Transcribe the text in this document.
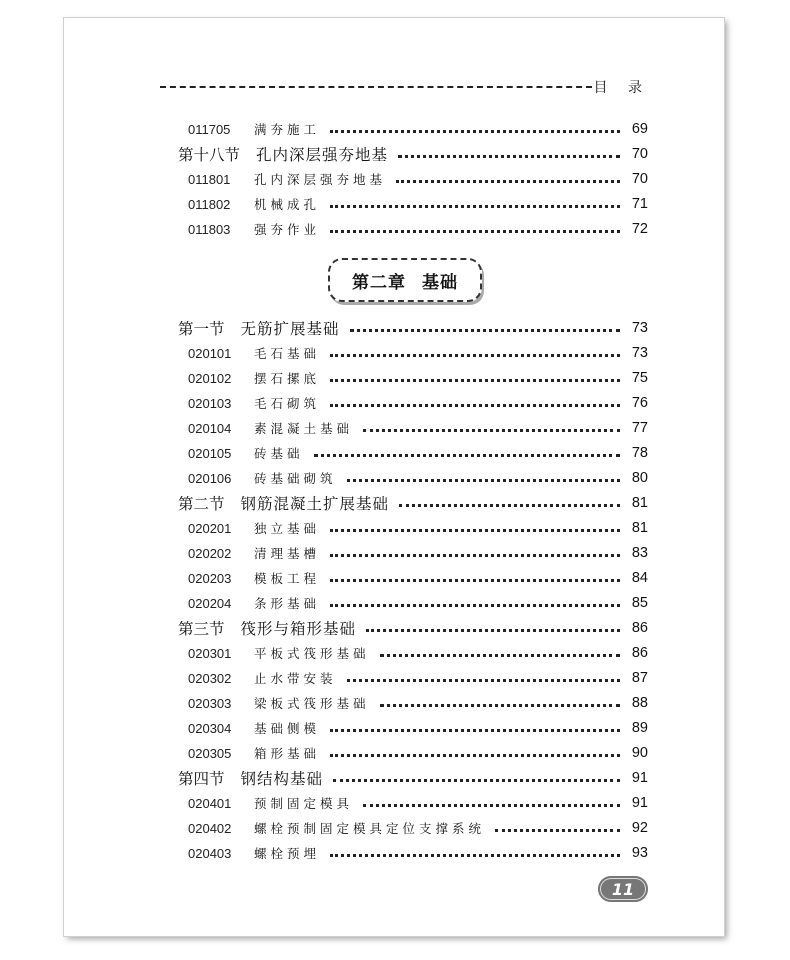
目 录
011705	满夯施工	69
第十八节 孔内深层强夯地基	70
011801	孔内深层强夯地基	70
011802	机械成孔	71
011803	强夯作业	72
第二章 基础
第一节 无筋扩展基础	73
020101	毛石基础	73
020102	摆石摞底	75
020103	毛石砌筑	76
020104	素混凝土基础	77
020105	砖基础	78
020106	砖基础砌筑	80
第二节 钢筋混凝土扩展基础	81
020201	独立基础	81
020202	清理基槽	83
020203	模板工程	84
020204	条形基础	85
第三节 筏形与箱形基础	86
020301	平板式筏形基础	86
020302	止水带安装	87
020303	梁板式筏形基础	88
020304	基础侧模	89
020305	箱形基础	90
第四节 钢结构基础	91
020401	预制固定模具	91
020402	螺栓预制固定模具定位支撑系统	92
020403	螺栓预埋	93
11
